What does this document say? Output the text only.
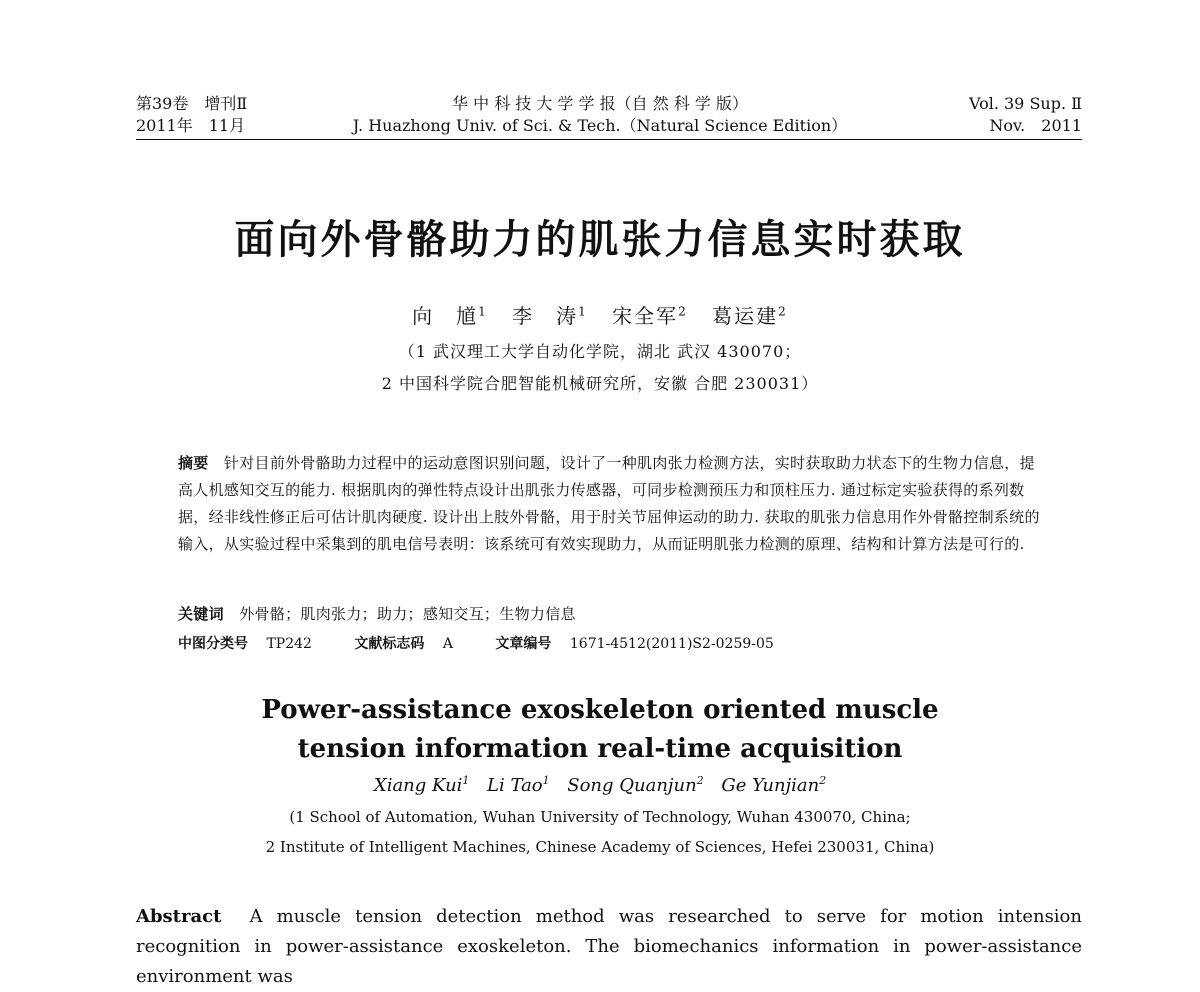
第39卷　增刊Ⅱ
2011年　11月
华 中 科 技 大 学 学 报（自 然 科 学 版）
J. Huazhong Univ. of Sci. & Tech.（Natural Science Edition）
Vol. 39 Sup. Ⅱ
Nov.　2011
面向外骨骼助力的肌张力信息实时获取
向　馗$^1$ 李　涛$^1$ 宋全军$^2$ 葛运建$^2$
（1 武汉理工大学自动化学院，湖北 武汉 430070；
2 中国科学院合肥智能机械研究所，安徽 合肥 230031）
摘要　 针对目前外骨骼助力过程中的运动意图识别问题，设计了一种肌肉张力检测方法，实时获取助力状态下的生物力信息，提高人机感知交互的能力. 根据肌肉的弹性特点设计出肌张力传感器，可同步检测预压力和顶柱压力. 通过标定实验获得的系列数据，经非线性修正后可估计肌肉硬度. 设计出上肢外骨骼，用于肘关节屈伸运动的助力. 获取的肌张力信息用作外骨骼控制系统的输入，从实验过程中采集到的肌电信号表明：该系统可有效实现助力，从而证明肌张力检测的原理、结构和计算方法是可行的.
关键词　 外骨骼；肌肉张力；助力；感知交互；生物力信息
中图分类号 TP242	文献标志码 A	文章编号 1671-4512(2011)S2-0259-05
Power-assistance exoskeleton oriented muscle
tension information real-time acquisition
Xiang Kui$^1$ Li Tao$^1$ Song Quanjun$^2$ Ge Yunjian$^2$
(1 School of Automation, Wuhan University of Technology, Wuhan 430070, China;
2 Institute of Intelligent Machines, Chinese Academy of Sciences, Hefei 230031, China)
Abstract A muscle tension detection method was researched to serve for motion intension recognition in power-assistance exoskeleton. The biomechanics information in power-assistance environment was
